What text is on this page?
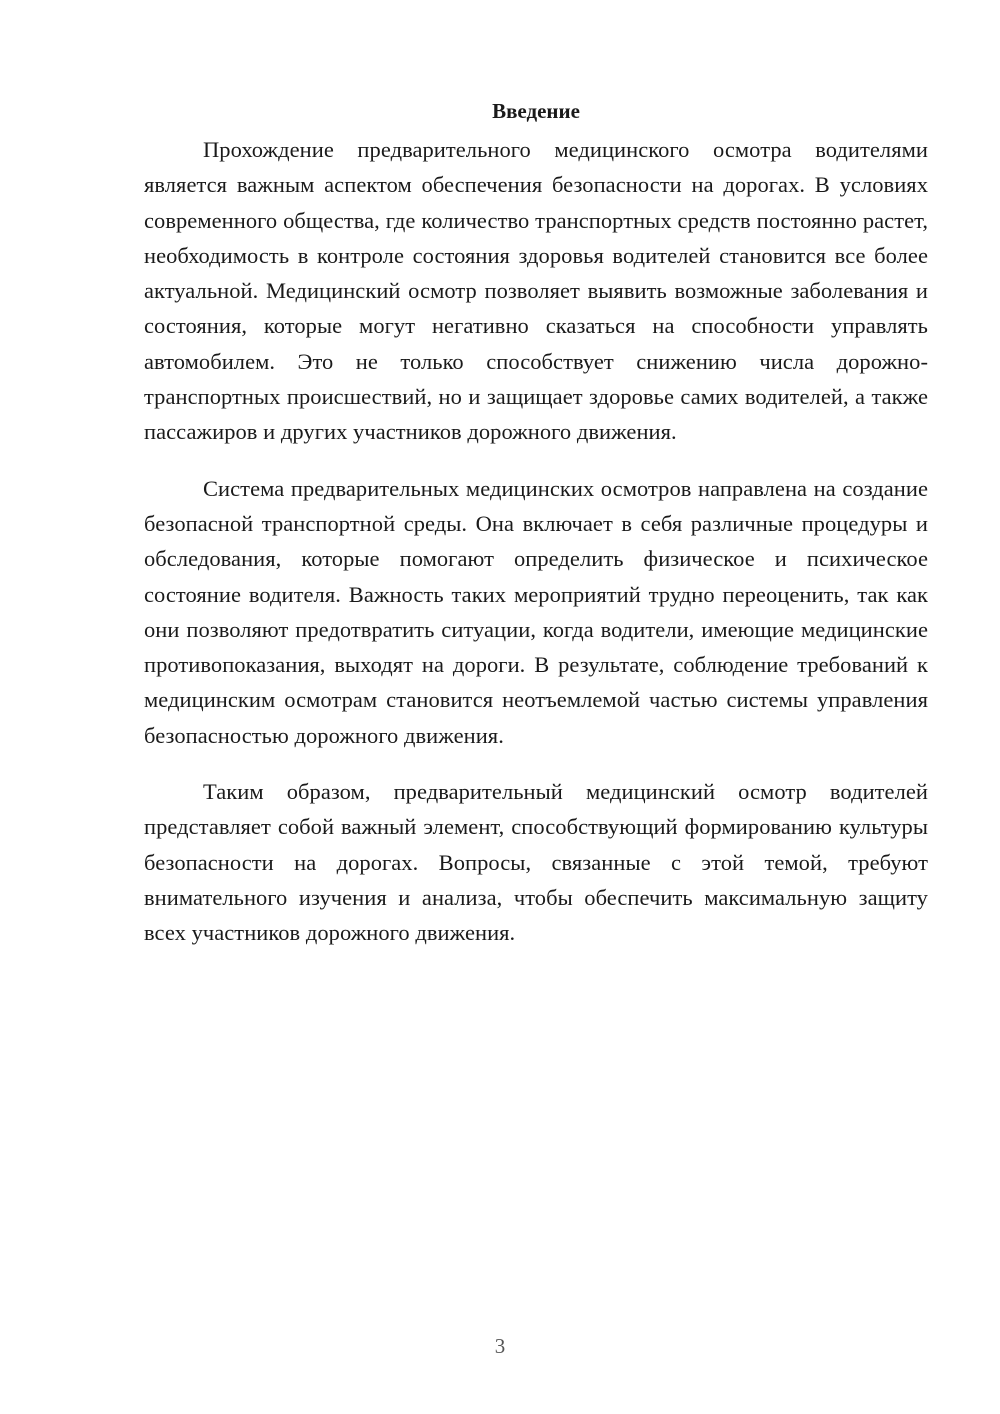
Введение

Прохождение предварительного медицинского осмотра водителями является важным аспектом обеспечения безопасности на дорогах. В условиях современного общества, где количество транспортных средств постоянно растет, необходимость в контроле состояния здоровья водителей становится все более актуальной. Медицинский осмотр позволяет выявить возможные заболевания и состояния, которые могут негативно сказаться на способности управлять автомобилем. Это не только способствует снижению числа дорожно-транспортных происшествий, но и защищает здоровье самих водителей, а также пассажиров и других участников дорожного движения.

Система предварительных медицинских осмотров направлена на создание безопасной транспортной среды. Она включает в себя различные процедуры и обследования, которые помогают определить физическое и психическое состояние водителя. Важность таких мероприятий трудно переоценить, так как они позволяют предотвратить ситуации, когда водители, имеющие медицинские противопоказания, выходят на дороги. В результате, соблюдение требований к медицинским осмотрам становится неотъемлемой частью системы управления безопасностью дорожного движения.

Таким образом, предварительный медицинский осмотр водителей представляет собой важный элемент, способствующий формированию культуры безопасности на дорогах. Вопросы, связанные с этой темой, требуют внимательного изучения и анализа, чтобы обеспечить максимальную защиту всех участников дорожного движения.

3
